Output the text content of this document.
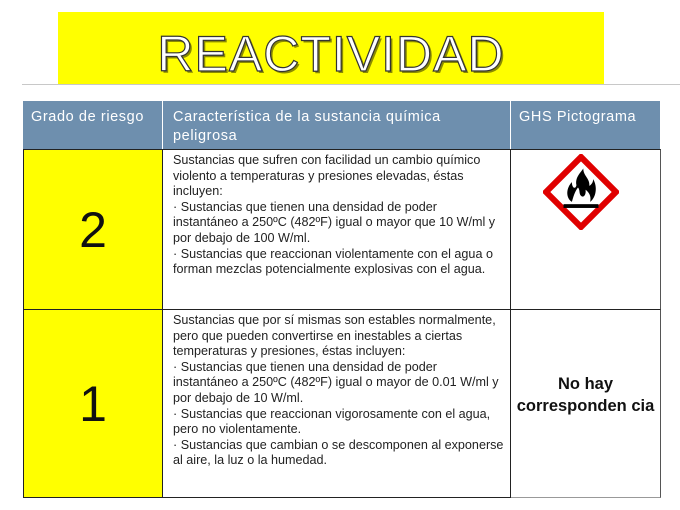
REACTIVIDAD
Grado de riesgo	Característica de la sustancia química peligrosa
GHS Pictograma
2

Sustancias que sufren con facilidad un cambio químico violento a temperaturas y presiones elevadas, éstas incluyen:

· Sustancias que tienen una densidad de poder instantáneo a 250ºC (482ºF) igual o mayor que 10 W/ml y por debajo de 100 W/ml.

· Sustancias que reaccionan violentamente con el agua o forman mezclas potencialmente explosivas con el agua.

1

Sustancias que por sí mismas son estables normalmente, pero que pueden convertirse en inestables a ciertas temperaturas y presiones, éstas incluyen:

· Sustancias que tienen una densidad de poder instantáneo a 250ºC (482ºF) igual o mayor de 0.01 W/ml y por debajo de 10 W/ml.

· Sustancias que reaccionan vigorosamente con el agua, pero no violentamente.

· Sustancias que cambian o se descomponen al exponerse al aire, la luz o la humedad.

No hay corresponden cia
